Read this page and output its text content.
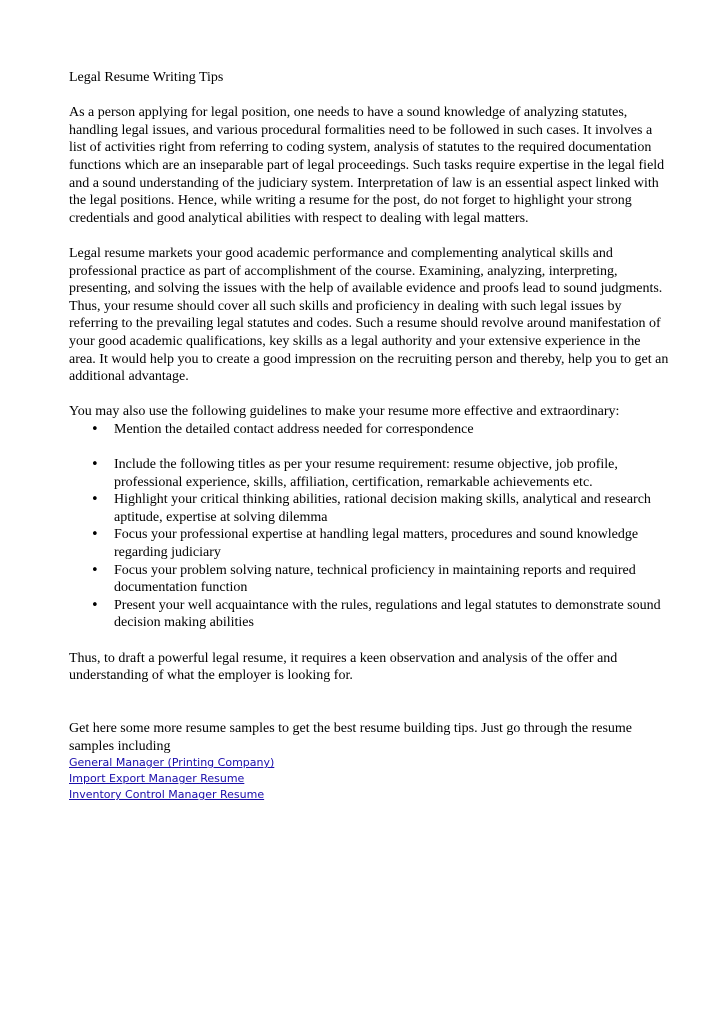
Legal Resume Writing Tips

As a person applying for legal position, one needs to have a sound knowledge of analyzing statutes, handling legal issues, and various procedural formalities need to be followed in such cases. It involves a list of activities right from referring to coding system, analysis of statutes to the required documentation functions which are an inseparable part of legal proceedings. Such tasks require expertise in the legal field and a sound understanding of the judiciary system. Interpretation of law is an essential aspect linked with the legal positions. Hence, while writing a resume for the post, do not forget to highlight your strong credentials and good analytical abilities with respect to dealing with legal matters.

Legal resume markets your good academic performance and complementing analytical skills and professional practice as part of accomplishment of the course. Examining, analyzing, interpreting, presenting, and solving the issues with the help of available evidence and proofs lead to sound judgments. Thus, your resume should cover all such skills and proficiency in dealing with such legal issues by referring to the prevailing legal statutes and codes. Such a resume should revolve around manifestation of your good academic qualifications, key skills as a legal authority and your extensive experience in the area. It would help you to create a good impression on the recruiting person and thereby, help you to get an additional advantage.

You may also use the following guidelines to make your resume more effective and extraordinary:

• Mention the detailed contact address needed for correspondence
• Include the following titles as per your resume requirement: resume objective, job profile, professional experience, skills, affiliation, certification, remarkable achievements etc.
• Highlight your critical thinking abilities, rational decision making skills, analytical and research aptitude, expertise at solving dilemma
• Focus your professional expertise at handling legal matters, procedures and sound knowledge regarding judiciary
• Focus your problem solving nature, technical proficiency in maintaining reports and required documentation function
• Present your well acquaintance with the rules, regulations and legal statutes to demonstrate sound decision making abilities

Thus, to draft a powerful legal resume, it requires a keen observation and analysis of the offer and understanding of what the employer is looking for.

Get here some more resume samples to get the best resume building tips. Just go through the resume samples including

General Manager (Printing Company)
Import Export Manager Resume
Inventory Control Manager Resume
